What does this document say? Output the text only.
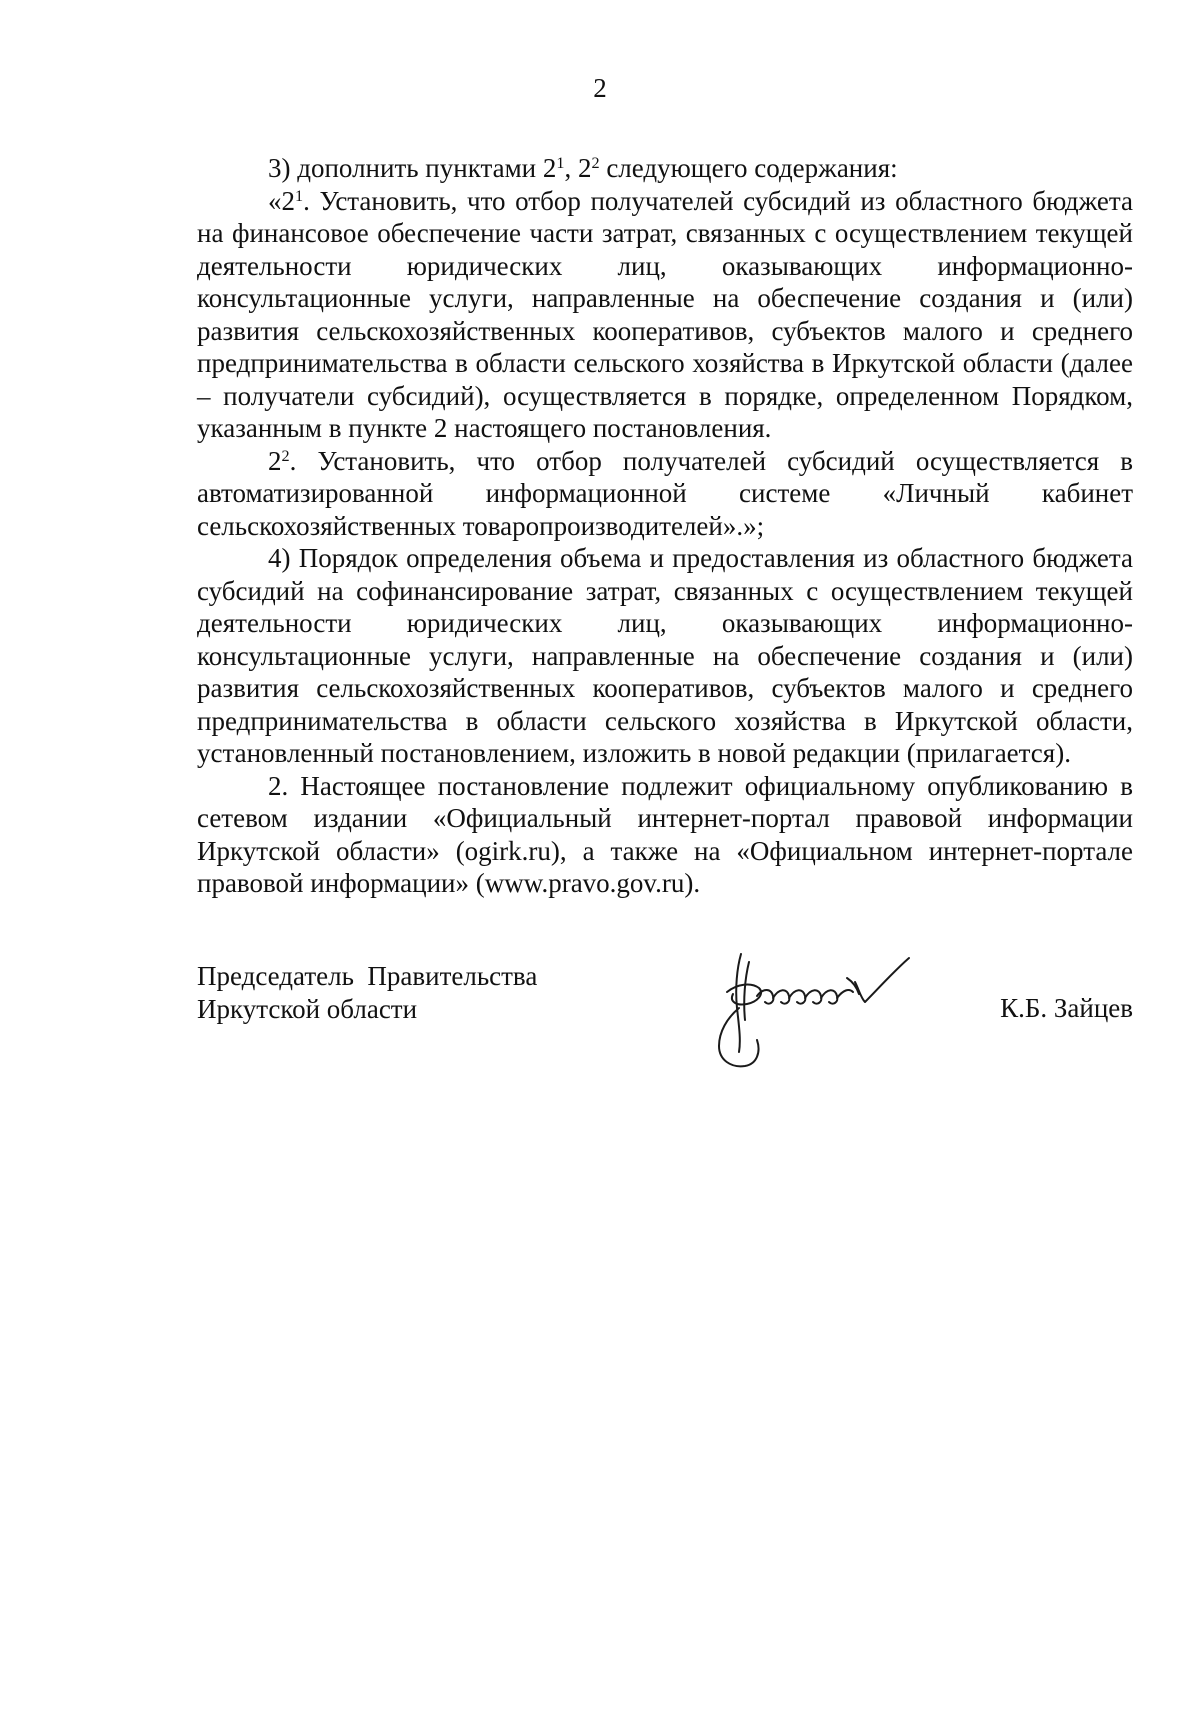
2

3) дополнить пунктами $2^1$, $2^2$ следующего содержания:

«$2^1$. Установить, что отбор получателей субсидий из областного бюджета на финансовое обеспечение части затрат, связанных с осуществлением текущей деятельности юридических лиц, оказывающих информационно-консультационные услуги, направленные на обеспечение создания и (или) развития сельскохозяйственных кооперативов, субъектов малого и среднего предпринимательства в области сельского хозяйства в Иркутской области (далее – получатели субсидий), осуществляется в порядке, определенном Порядком, указанным в пункте 2 настоящего постановления.

$2^2$. Установить, что отбор получателей субсидий осуществляется в автоматизированной информационной системе «Личный кабинет сельскохозяйственных товаропроизводителей».»;

4) Порядок определения объема и предоставления из областного бюджета субсидий на софинансирование затрат, связанных с осуществлением текущей деятельности юридических лиц, оказывающих информационно-консультационные услуги, направленные на обеспечение создания и (или) развития сельскохозяйственных кооперативов, субъектов малого и среднего предпринимательства в области сельского хозяйства в Иркутской области, установленный постановлением, изложить в новой редакции (прилагается).

2. Настоящее постановление подлежит официальному опубликованию в сетевом издании «Официальный интернет-портал правовой информации Иркутской области» (ogirk.ru), а также на «Официальном интернет-портале правовой информации» (www.pravo.gov.ru).

Председатель  Правительства
Иркутской области	К.Б. Зайцев
